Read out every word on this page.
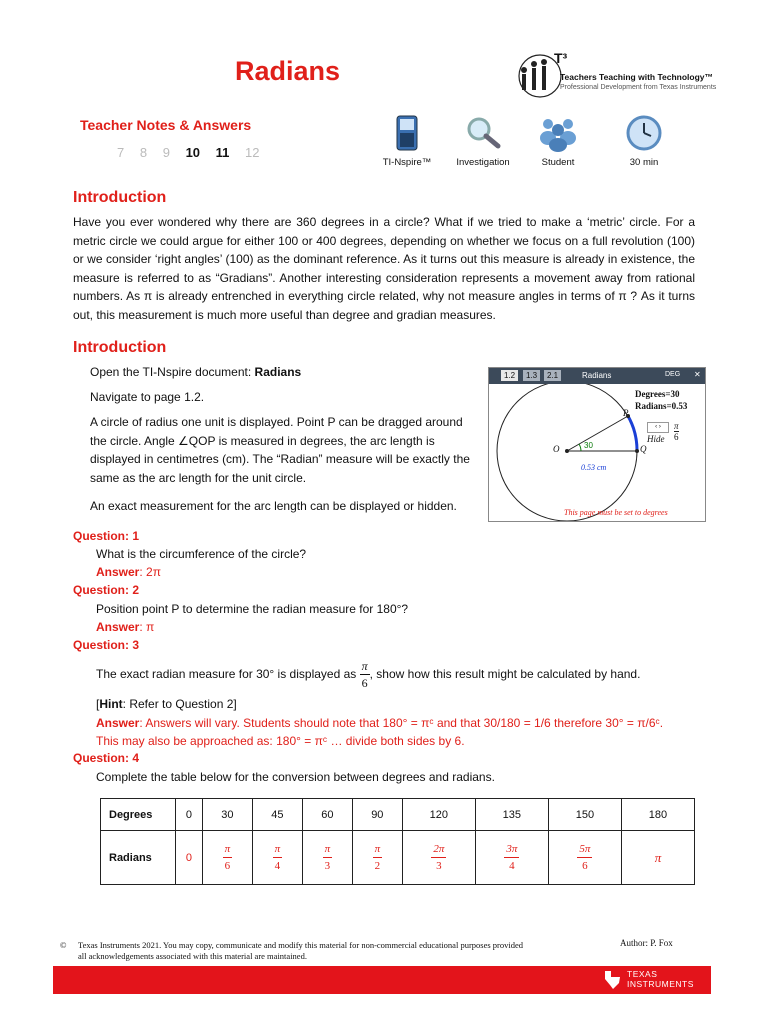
Radians	T³
Teachers Teaching with Technology™
Professional Development from Texas Instruments
Teacher Notes & Answers
7 8 9 10 11 12
TI-Nspire™	Investigation	Student	30 min
Introduction

Have you ever wondered why there are 360 degrees in a circle? What if we tried to make a ‘metric’ circle. For a metric circle we could argue for either 100 or 400 degrees, depending on whether we focus on a full revolution (100) or we consider ‘right angles’ (100) as the dominant reference. As it turns out this measure is already in existence, the measure is referred to as “Gradians”. Another interesting consideration represents a movement away from rational numbers. As π is already entrenched in everything circle related, why not measure angles in terms of π ? As it turns out, this measurement is much more useful than degree and gradian measures.

Introduction

Open the TI-Nspire document: Radians

Navigate to page 1.2.

A circle of radius one unit is displayed. Point P can be dragged around the circle. Angle ∠QOP is measured in degrees, the arc length is displayed in centimetres (cm). The “Radian” measure will be exactly the same as the arc length for the unit circle.

An exact measurement for the arc length can be displayed or hidden.

1.2	1.3	2.1	Radians	DEG ✕
P
O	Q
30
0.53 cm
Degrees=30
Radians=0.53
‹ ›
Hide $\frac{\pi}{6}$
This page must be set to degrees
Question: 1

What is the circumference of the circle?

Answer: 2π

Question: 2

Position point P to determine the radian measure for 180°?

Answer: π

Question: 3

The exact radian measure for 30° is displayed as $\frac{\pi}{6}$ , show how this result might be calculated by hand.

[Hint: Refer to Question 2]

Answer: Answers will vary. Students should note that 180° = πᶜ and that 30/180 = 1/6 therefore 30° = π/6ᶜ.

This may also be approached as: 180° = πᶜ … divide both sides by 6.

Question: 4

Complete the table below for the conversion between degrees and radians.

Degrees	0	30	45	60	90	120	135	150	180
Radians	0	$\frac{\pi}{6}$	$\frac{\pi}{4}$	$\frac{\pi}{3}$	$\frac{\pi}{2}$	$\frac{2\pi}{3}$	$\frac{3\pi}{4}$	$\frac{5\pi}{6}$	π
©	Texas Instruments 2021. You may copy, communicate and modify this material for non-commercial educational purposes provided
all acknowledgements associated with this material are maintained.
Author: P. Fox
TEXAS
INSTRUMENTS
